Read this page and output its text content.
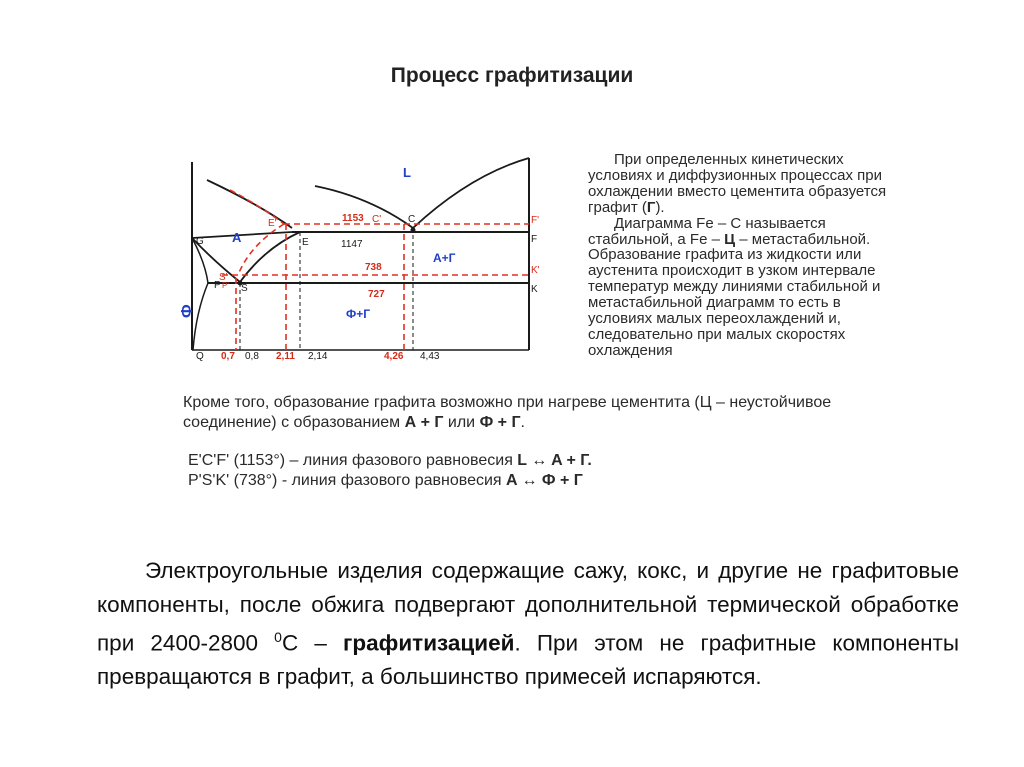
Процесс графитизации
L
A
A+Г
Ф+Г
Ф
G
P S
E
C
F
K
Q
E'	C'	F'
S'
K'
P'
1153
1147
738
727
0,7 0,8 2,11 2,14	4,26 4,43

При определенных кинетических условиях и диффузионных процессах при охлаждении вместо цементита образуется графит (Г).

Диаграмма Fe – C называется стабильной, а Fe – Ц – метастабильной. Образование графита из жидкости или аустенита происходит в узком интервале температур между линиями стабильной и метастабильной диаграмм то есть в условиях малых переохлаждений и, следовательно при малых скоростях охлаждения

Кроме того, образование графита возможно при нагреве цементита (Ц – неустойчивое соединение) с образованием А + Г или Ф + Г.
E'C'F' (1153°) – линия фазового равновесия L ↔ A + Г.
P'S'K' (738°) - линия фазового равновесия A ↔ Ф + Г

Электроугольные изделия содержащие сажу, кокс, и другие не графитовые компоненты, после обжига подвергают дополнительной термической обработке при 2400-2800 $^0$С – графитизацией. При этом не графитные компоненты превращаются в графит, а большинство примесей испаряются.
